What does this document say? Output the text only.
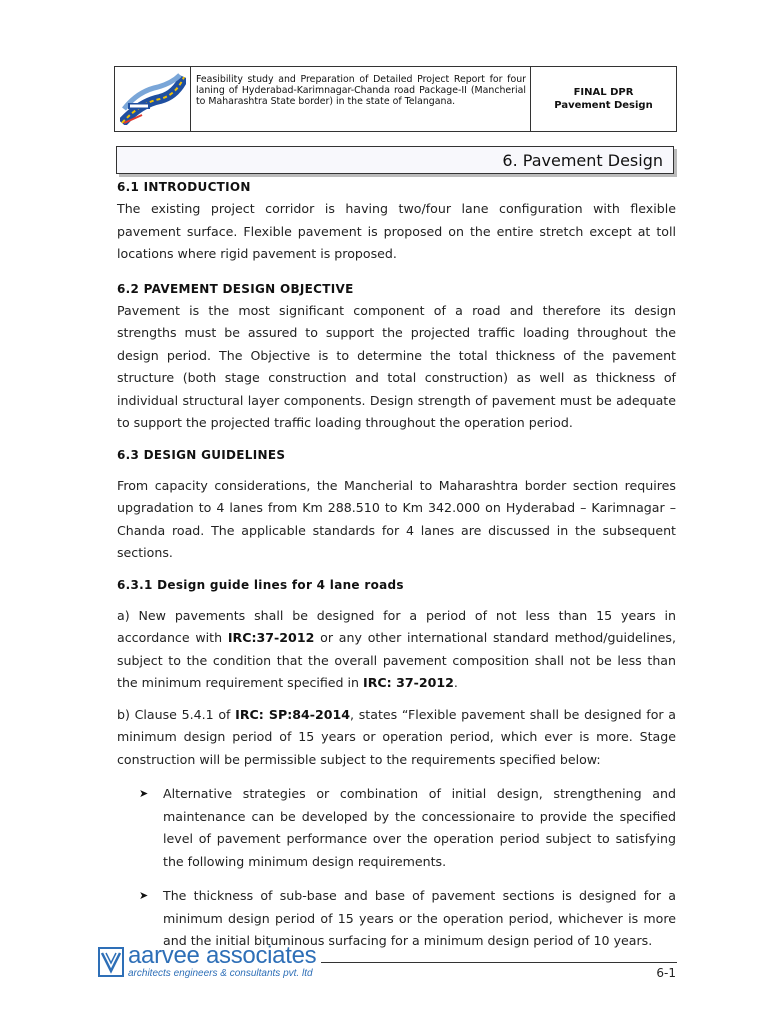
Feasibility study and Preparation of Detailed Project Report for four laning of Hyderabad-Karimnagar-Chanda road Package-II (Mancherial to Maharashtra State border) in the state of Telangana.
FINAL DPR
Pavement Design
6. Pavement Design
6.1 INTRODUCTION

The existing project corridor is having two/four lane configuration with flexible pavement surface. Flexible pavement is proposed on the entire stretch except at toll locations where rigid pavement is proposed.

6.2 PAVEMENT DESIGN OBJECTIVE

Pavement is the most significant component of a road and therefore its design strengths must be assured to support the projected traffic loading throughout the design period. The Objective is to determine the total thickness of the pavement structure (both stage construction and total construction) as well as thickness of individual structural layer components. Design strength of pavement must be adequate to support the projected traffic loading throughout the operation period.

6.3 DESIGN GUIDELINES

From capacity considerations, the Mancherial to Maharashtra border section requires upgradation to 4 lanes from Km 288.510 to Km 342.000 on Hyderabad – Karimnagar – Chanda road. The applicable standards for 4 lanes are discussed in the subsequent sections.

6.3.1 Design guide lines for 4 lane roads

a) New pavements shall be designed for a period of not less than 15 years in accordance with IRC:37-2012 or any other international standard method/guidelines, subject to the condition that the overall pavement composition shall not be less than the minimum requirement specified in IRC: 37-2012.

b) Clause 5.4.1 of IRC: SP:84-2014, states “Flexible pavement shall be designed for a minimum design period of 15 years or operation period, which ever is more. Stage construction will be permissible subject to the requirements specified below:

➤ Alternative strategies or combination of initial design, strengthening and maintenance can be developed by the concessionaire to provide the specified level of pavement performance over the operation period subject to satisfying the following minimum design requirements.
➤ The thickness of sub-base and base of pavement sections is designed for a minimum design period of 15 years or the operation period, whichever is more and the initial bituminous surfacing for a minimum design period of 10 years.
aarvee associates
architects engineers & consultants pvt. ltd	6-1
